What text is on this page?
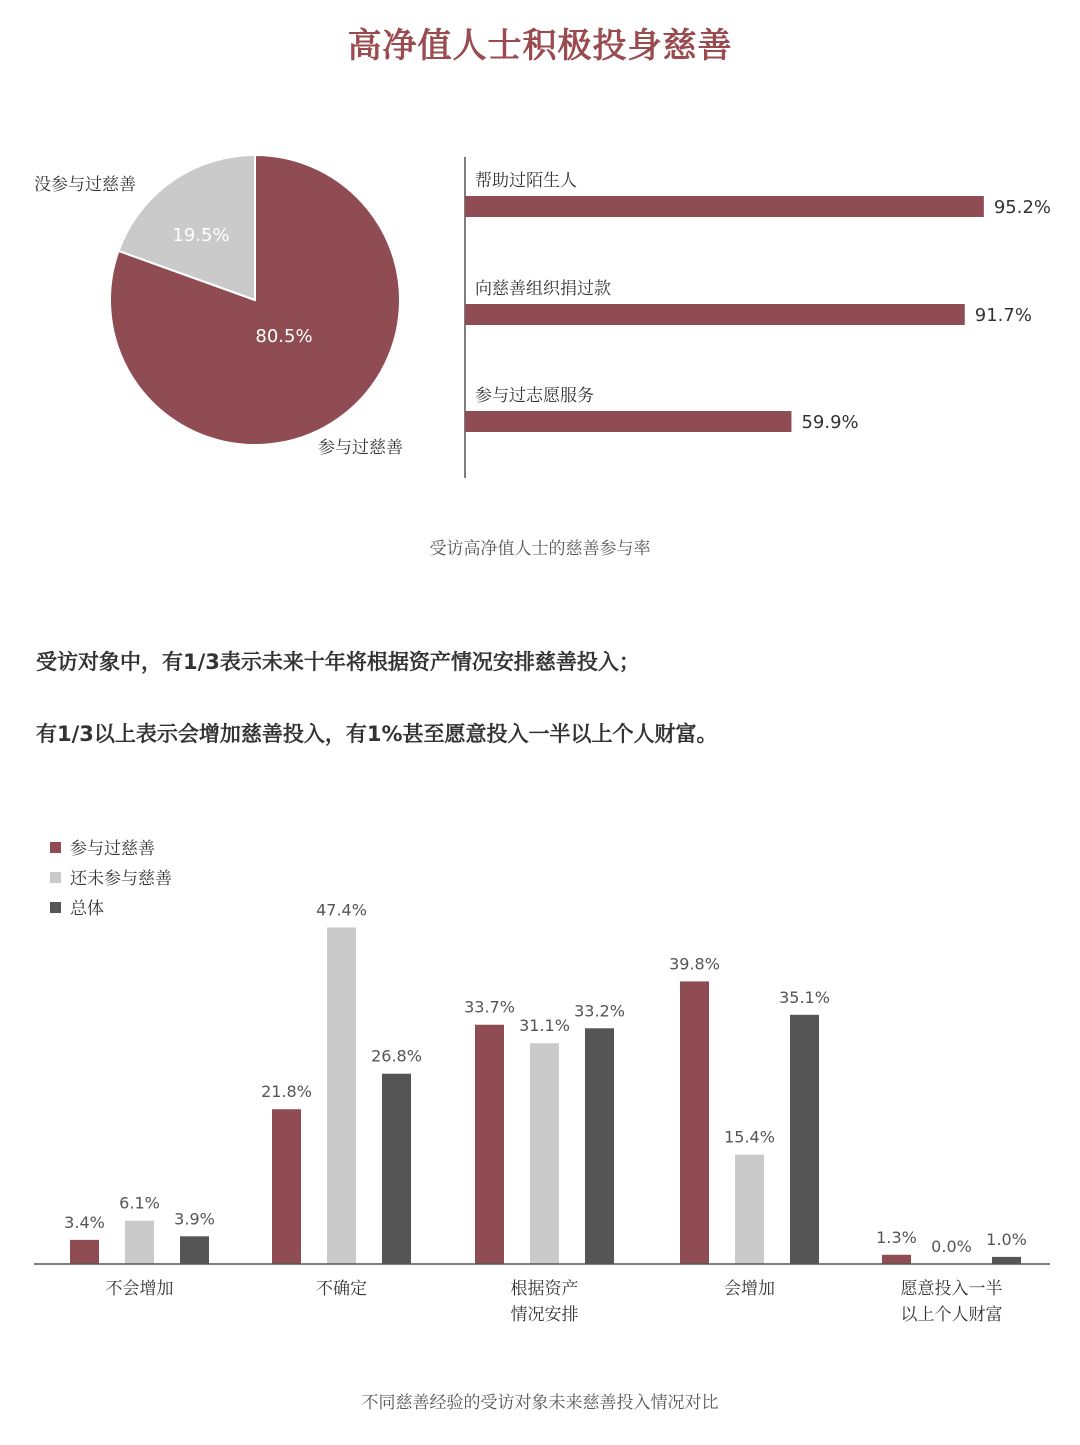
高净值人士积极投身慈善
80.5%
19.5%
参与过慈善
没参与过慈善	帮助过陌生人
95.2%
向慈善组织捐过款
91.7%
参与过志愿服务
59.9%
参与过慈善
还未参与慈善
总体
3.4%
6.1%
3.9%
不会增加
21.8%
47.4%
26.8%
不确定
33.7%
31.1%
33.2%
根据资产
情况安排
39.8%
15.4%
35.1%
会增加
1.3% 0.0% 1.0%
愿意投入一半
以上个人财富
受访高净值人士的慈善参与率
受访对象中，有1/3表示未来十年将根据资产情况安排慈善投入；
有1/3以上表示会增加慈善投入，有1%甚至愿意投入一半以上个人财富。
不同慈善经验的受访对象未来慈善投入情况对比
